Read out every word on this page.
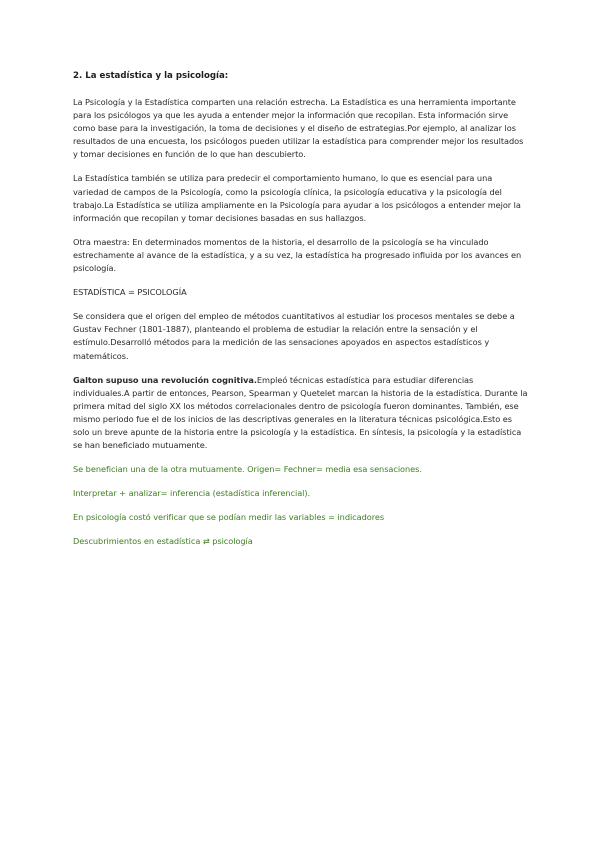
2. La estadística y la psicología:

La Psicología y la Estadística comparten una relación estrecha. La Estadística es una herramienta importante para los psicólogos ya que les ayuda a entender mejor la información que recopilan. Esta información sirve como base para la investigación, la toma de decisiones y el diseño de estrategias.Por ejemplo, al analizar los resultados de una encuesta, los psicólogos pueden utilizar la estadística para comprender mejor los resultados y tomar decisiones en función de lo que han descubierto.

La Estadística también se utiliza para predecir el comportamiento humano, lo que es esencial para una variedad de campos de la Psicología, como la psicología clínica, la psicología educativa y la psicología del trabajo.La Estadística se utiliza ampliamente en la Psicología para ayudar a los psicólogos a entender mejor la información que recopilan y tomar decisiones basadas en sus hallazgos.

Otra maestra: En determinados momentos de la historia, el desarrollo de la psicología se ha vinculado estrechamente al avance de la estadística, y a su vez, la estadística ha progresado influida por los avances en psicología.

ESTADÍSTICA = PSICOLOGÍA

Se considera que el origen del empleo de métodos cuantitativos al estudiar los procesos mentales se debe a Gustav Fechner (1801-1887), planteando el problema de estudiar la relación entre la sensación y el estímulo.Desarrolló métodos para la medición de las sensaciones apoyados en aspectos estadísticos y matemáticos.

Galton supuso una revolución cognitiva.Empleó técnicas estadística para estudiar diferencias individuales.A partir de entonces, Pearson, Spearman y Quetelet marcan la historia de la estadística. Durante la primera mitad del siglo XX los métodos correlacionales dentro de psicología fueron dominantes. También, ese mismo periodo fue el de los inicios de las descriptivas generales en la literatura técnicas psicológica.Esto es solo un breve apunte de la historia entre la psicología y la estadística. En síntesis, la psicología y la estadística se han beneficiado mutuamente.

Se benefician una de la otra mutuamente. Origen= Fechner= media esa sensaciones.

Interpretar + analizar= inferencia (estadística inferencial).

En psicología costó verificar que se podían medir las variables = indicadores

Descubrimientos en estadística ⇄ psicología
